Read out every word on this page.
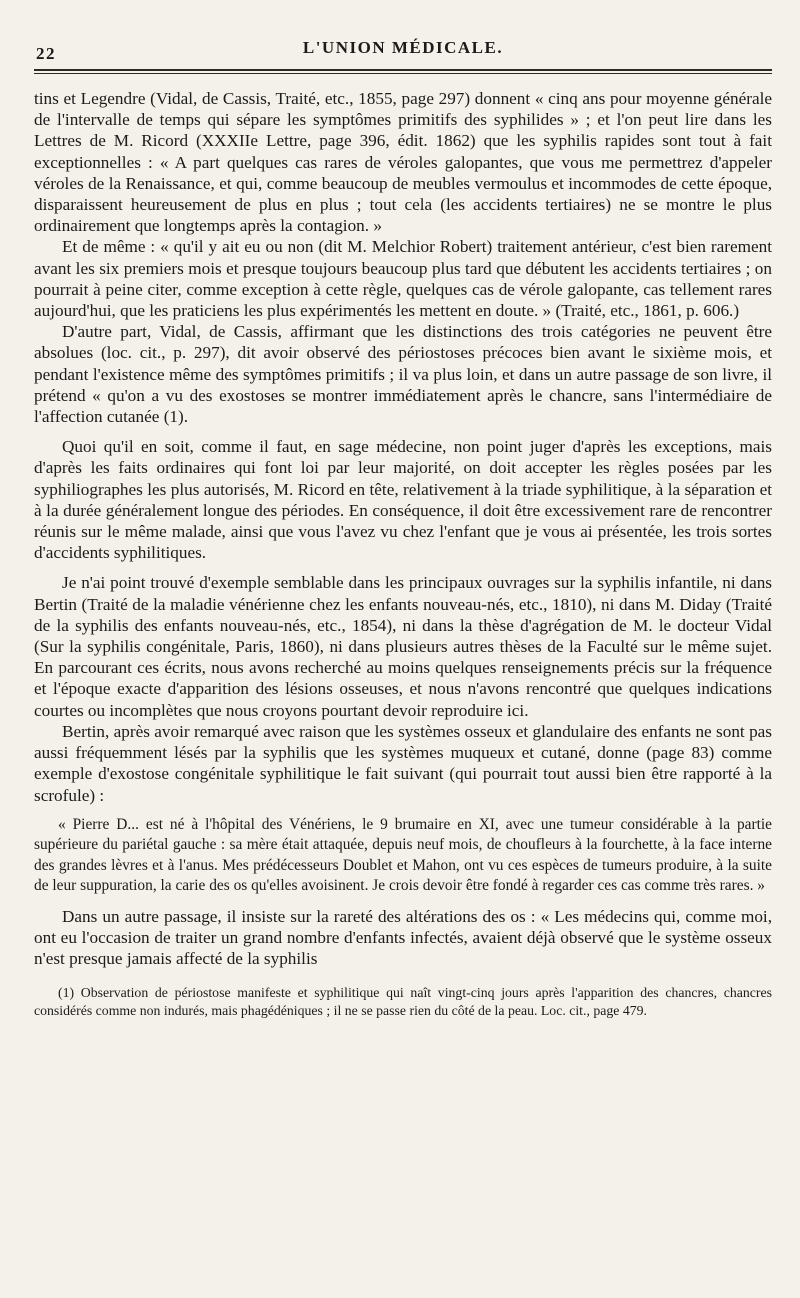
22	L'UNION MÉDICALE.

tins et Legendre (Vidal, de Cassis, Traité, etc., 1855, page 297) donnent « cinq ans pour moyenne générale de l'intervalle de temps qui sépare les symptômes primitifs des syphilides » ; et l'on peut lire dans les Lettres de M. Ricord (XXXIIe Lettre, page 396, édit. 1862) que les syphilis rapides sont tout à fait exceptionnelles : « A part quelques cas rares de véroles galopantes, que vous me permettrez d'appeler véroles de la Renaissance, et qui, comme beaucoup de meubles vermoulus et incommodes de cette époque, disparaissent heureusement de plus en plus ; tout cela (les accidents tertiaires) ne se montre le plus ordinairement que longtemps après la contagion. »

Et de même : « qu'il y ait eu ou non (dit M. Melchior Robert) traitement antérieur, c'est bien rarement avant les six premiers mois et presque toujours beaucoup plus tard que débutent les accidents tertiaires ; on pourrait à peine citer, comme exception à cette règle, quelques cas de vérole galopante, cas tellement rares aujourd'hui, que les praticiens les plus expérimentés les mettent en doute. » (Traité, etc., 1861, p. 606.)

D'autre part, Vidal, de Cassis, affirmant que les distinctions des trois catégories ne peuvent être absolues (loc. cit., p. 297), dit avoir observé des périostoses précoces bien avant le sixième mois, et pendant l'existence même des symptômes primitifs ; il va plus loin, et dans un autre passage de son livre, il prétend « qu'on a vu des exostoses se montrer immédiatement après le chancre, sans l'intermédiaire de l'affection cutanée (1).

Quoi qu'il en soit, comme il faut, en sage médecine, non point juger d'après les exceptions, mais d'après les faits ordinaires qui font loi par leur majorité, on doit accepter les règles posées par les syphiliographes les plus autorisés, M. Ricord en tête, relativement à la triade syphilitique, à la séparation et à la durée généralement longue des périodes. En conséquence, il doit être excessivement rare de rencontrer réunis sur le même malade, ainsi que vous l'avez vu chez l'enfant que je vous ai présentée, les trois sortes d'accidents syphilitiques.

Je n'ai point trouvé d'exemple semblable dans les principaux ouvrages sur la syphilis infantile, ni dans Bertin (Traité de la maladie vénérienne chez les enfants nouveau-nés, etc., 1810), ni dans M. Diday (Traité de la syphilis des enfants nouveau-nés, etc., 1854), ni dans la thèse d'agrégation de M. le docteur Vidal (Sur la syphilis congénitale, Paris, 1860), ni dans plusieurs autres thèses de la Faculté sur le même sujet. En parcourant ces écrits, nous avons recherché au moins quelques renseignements précis sur la fréquence et l'époque exacte d'apparition des lésions osseuses, et nous n'avons rencontré que quelques indications courtes ou incomplètes que nous croyons pourtant devoir reproduire ici.

Bertin, après avoir remarqué avec raison que les systèmes osseux et glandulaire des enfants ne sont pas aussi fréquemment lésés par la syphilis que les systèmes muqueux et cutané, donne (page 83) comme exemple d'exostose congénitale syphilitique le fait suivant (qui pourrait tout aussi bien être rapporté à la scrofule) :

« Pierre D... est né à l'hôpital des Vénériens, le 9 brumaire en XI, avec une tumeur considérable à la partie supérieure du pariétal gauche : sa mère était attaquée, depuis neuf mois, de choufleurs à la fourchette, à la face interne des grandes lèvres et à l'anus. Mes prédécesseurs Doublet et Mahon, ont vu ces espèces de tumeurs produire, à la suite de leur suppuration, la carie des os qu'elles avoisinent. Je crois devoir être fondé à regarder ces cas comme très rares. »

Dans un autre passage, il insiste sur la rareté des altérations des os : « Les médecins qui, comme moi, ont eu l'occasion de traiter un grand nombre d'enfants infectés, avaient déjà observé que le système osseux n'est presque jamais affecté de la syphilis

(1) Observation de périostose manifeste et syphilitique qui naît vingt-cinq jours après l'apparition des chancres, chancres considérés comme non indurés, mais phagédéniques ; il ne se passe rien du côté de la peau. Loc. cit., page 479.
